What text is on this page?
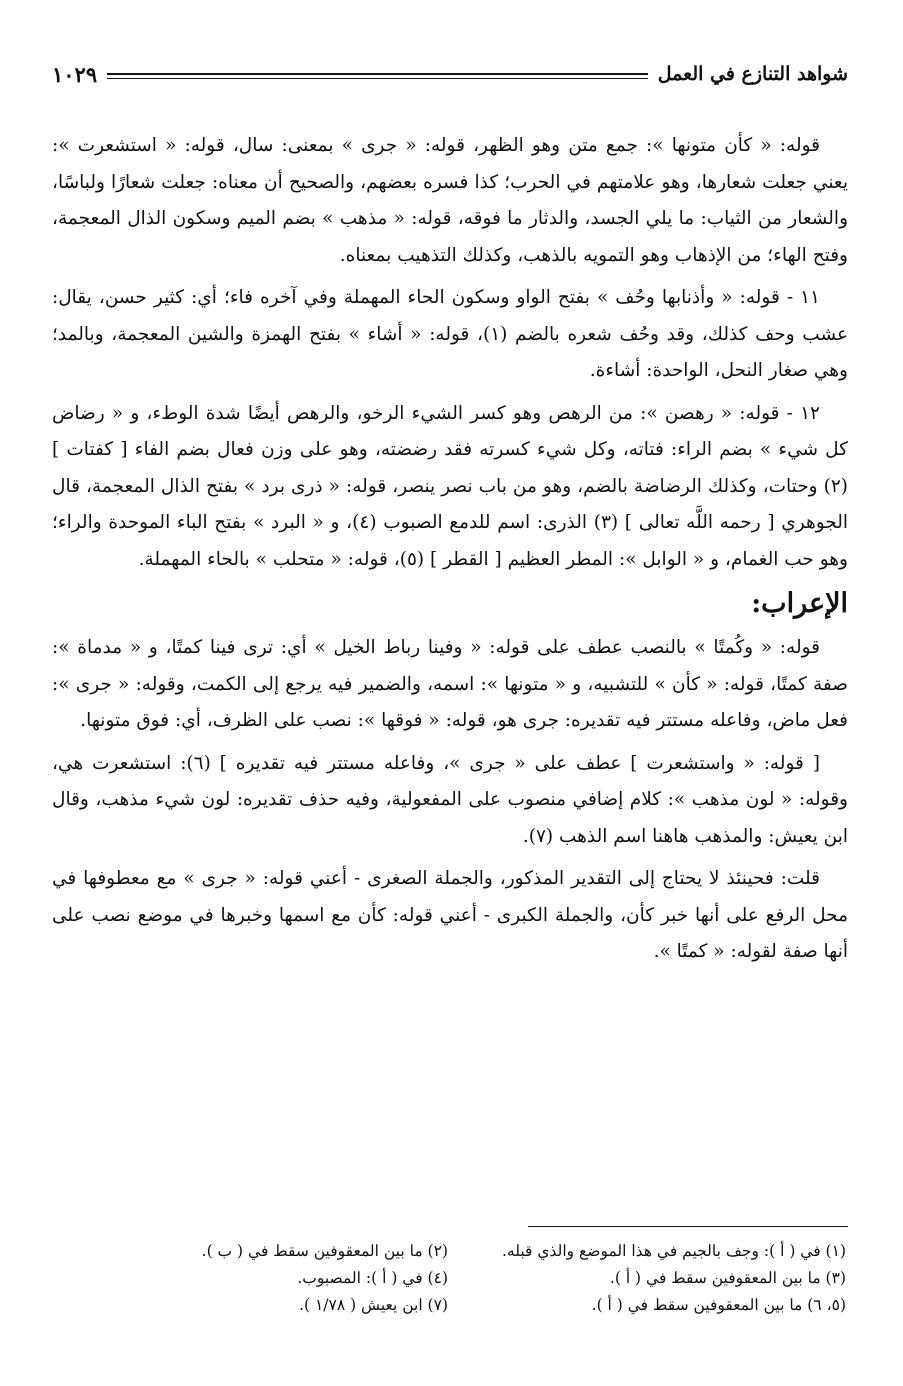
شواهد التنازع في العمل
١٠٢٩

قوله: « كأن متونها »: جمع متن وهو الظهر، قوله: « جرى » بمعنى: سال، قوله: « استشعرت »: يعني جعلت شعارها، وهو علامتهم في الحرب؛ كذا فسره بعضهم، والصحيح أن معناه: جعلت شعارًا ولباسًا، والشعار من الثياب: ما يلي الجسد، والدثار ما فوقه، قوله: « مذهب » بضم الميم وسكون الذال المعجمة، وفتح الهاء؛ من الإذهاب وهو التمويه بالذهب، وكذلك التذهيب بمعناه.

١١ - قوله: « وأذنابها وحُف » بفتح الواو وسكون الحاء المهملة وفي آخره فاء؛ أي: كثير حسن، يقال: عشب وحف كذلك، وقد وحُف شعره بالضم (١)، قوله: « أشاء » بفتح الهمزة والشين المعجمة، وبالمد؛ وهي صغار النحل، الواحدة: أشاءة.

١٢ - قوله: « رهصن »: من الرهص وهو كسر الشيء الرخو، والرهص أيضًا شدة الوطء، و « رضاض كل شيء » بضم الراء: فتاته، وكل شيء كسرته فقد رضضته، وهو على وزن فعال بضم الفاء [ كفتات ] (٢) وحتات، وكذلك الرضاضة بالضم، وهو من باب نصر ينصر، قوله: « ذرى برد » بفتح الذال المعجمة، قال الجوهري [ رحمه اللَّه تعالى ] (٣) الذرى: اسم للدمع الصبوب (٤)، و « البرد » بفتح الباء الموحدة والراء؛ وهو حب الغمام، و « الوابل »: المطر العظيم [ القطر ] (٥)، قوله: « متحلب » بالحاء المهملة.

الإعراب:

قوله: « وكُمتًا » بالنصب عطف على قوله: « وفينا رباط الخيل » أي: ترى فينا كمتًا، و « مدماة »: صفة كمتًا، قوله: « كأن » للتشبيه، و « متونها »: اسمه، والضمير فيه يرجع إلى الكمت، وقوله: « جرى »: فعل ماض، وفاعله مستتر فيه تقديره: جرى هو، قوله: « فوقها »: نصب على الظرف، أي: فوق متونها.

[ قوله: « واستشعرت ] عطف على « جرى »، وفاعله مستتر فيه تقديره ] (٦): استشعرت هي، وقوله: « لون مذهب »: كلام إضافي منصوب على المفعولية، وفيه حذف تقديره: لون شيء مذهب، وقال ابن يعيش: والمذهب هاهنا اسم الذهب (٧).

قلت: فحينئذ لا يحتاج إلى التقدير المذكور، والجملة الصغرى - أعني قوله: « جرى » مع معطوفها في محل الرفع على أنها خبر كأن، والجملة الكبرى - أعني قوله: كأن مع اسمها وخبرها في موضع نصب على أنها صفة لقوله: « كمتًا ».

(١) في ( أ ): وجف بالجيم في هذا الموضع والذي قبله.
(٢) ما بين المعقوفين سقط في ( ب ).
(٣) ما بين المعقوفين سقط في ( أ ).
(٤) في ( أ ): المصبوب.
(٥، ٦) ما بين المعقوفين سقط في ( أ ).
(٧) ابن يعيش ( ١/٧٨ ).
